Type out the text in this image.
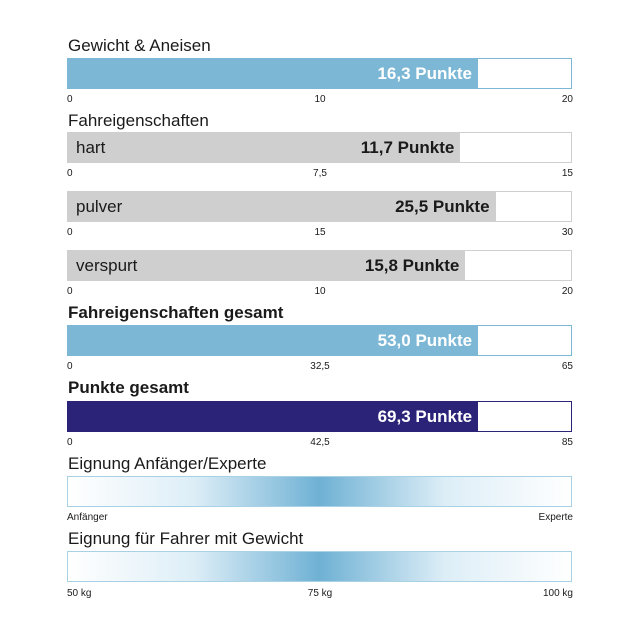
Gewicht & Aneisen
16,3 Punkte
0	10	20
Fahreigenschaften
hart	11,7 Punkte
0	7,5	15
pulver	25,5 Punkte
0	15	30
verspurt	15,8 Punkte
0	10	20
Fahreigenschaften gesamt
53,0 Punkte
0	32,5	65
Punkte gesamt
69,3 Punkte
0	42,5	85
Eignung Anfänger/Experte
Anfänger	Experte
Eignung für Fahrer mit Gewicht
50 kg	75 kg	100 kg
